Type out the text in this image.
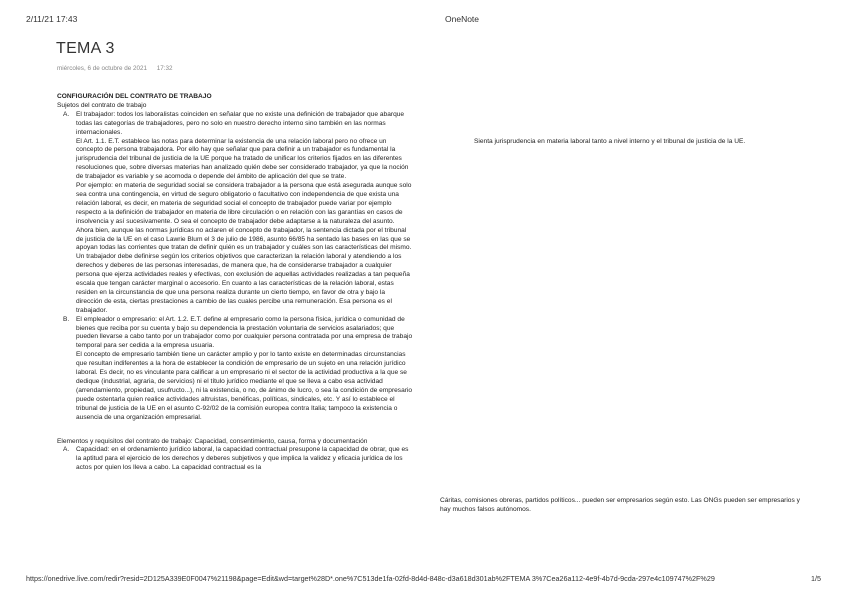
2/11/21 17:43	OneNote
TEMA 3
miércoles, 6 de octubre de 2021 17:32
CONFIGURACIÓN DEL CONTRATO DE TRABAJO
Sujetos del contrato de trabajo
A. El trabajador: todos los laboralistas coinciden en señalar que no existe una definición de trabajador que abarque todas las categorías de trabajadores, pero no solo en nuestro derecho interno sino también en las normas internacionales.
El Art. 1.1. E.T. establece las notas para determinar la existencia de una relación laboral pero no ofrece un concepto de persona trabajadora. Por ello hay que señalar que para definir a un trabajador es fundamental la jurisprudencia del tribunal de justicia de la UE porque ha tratado de unificar los criterios fijados en las diferentes resoluciones que, sobre diversas materias han analizado quién debe ser considerado trabajador, ya que la noción de trabajador es variable y se acomoda o depende del ámbito de aplicación del que se trate.
Por ejemplo: en materia de seguridad social se considera trabajador a la persona que está asegurada aunque solo sea contra una contingencia, en virtud de seguro obligatorio o facultativo con independencia de que exista una relación laboral, es decir, en materia de seguridad social el concepto de trabajador puede variar por ejemplo respecto a la definición de trabajador en materia de libre circulación o en relación con las garantías en casos de insolvencia y así sucesivamente. O sea el concepto de trabajador debe adaptarse a la naturaleza del asunto.
Ahora bien, aunque las normas jurídicas no aclaren el concepto de trabajador, la sentencia dictada por el tribunal de justicia de la UE en el caso Lawrie Blum el 3 de julio de 1986, asunto 66/85 ha sentado las bases en las que se apoyan todas las corrientes que tratan de definir quién es un trabajador y cuáles son las características del mismo.
Un trabajador debe definirse según los criterios objetivos que caracterizan la relación laboral y atendiendo a los derechos y deberes de las personas interesadas, de manera que, ha de considerarse trabajador a cualquier persona que ejerza actividades reales y efectivas, con exclusión de aquellas actividades realizadas a tan pequeña escala que tengan carácter marginal o accesorio. En cuanto a las características de la relación laboral, estas residen en la circunstancia de que una persona realiza durante un cierto tiempo, en favor de otra y bajo la dirección de esta, ciertas prestaciones a cambio de las cuales percibe una remuneración. Esa persona es el trabajador.
B. El empleador o empresario: el Art. 1.2. E.T. define al empresario como la persona física, jurídica o comunidad de bienes que reciba por su cuenta y bajo su dependencia la prestación voluntaria de servicios asalariados; que pueden llevarse a cabo tanto por un trabajador como por cualquier persona contratada por una empresa de trabajo temporal para ser cedida a la empresa usuaria.
El concepto de empresario también tiene un carácter amplio y por lo tanto existe en determinadas circunstancias que resultan indiferentes a la hora de establecer la condición de empresario de un sujeto en una relación jurídico laboral. Es decir, no es vinculante para calificar a un empresario ni el sector de la actividad productiva a la que se dedique (industrial, agraria, de servicios) ni el título jurídico mediante el que se lleva a cabo esa actividad (arrendamiento, propiedad, usufructo...), ni la existencia, o no, de ánimo de lucro, o sea la condición de empresario puede ostentarla quien realice actividades altruistas, benéficas, políticas, sindicales, etc. Y así lo establece el tribunal de justicia de la UE en el asunto C-92/02 de la comisión europea contra Italia; tampoco la existencia o ausencia de una organización empresarial.
Elementos y requisitos del contrato de trabajo: Capacidad, consentimiento, causa, forma y documentación
A. Capacidad: en el ordenamiento jurídico laboral, la capacidad contractual presupone la capacidad de obrar, que es la aptitud para el ejercicio de los derechos y deberes subjetivos y que implica la validez y eficacia jurídica de los actos por quien los lleva a cabo. La capacidad contractual es la
Sienta jurisprudencia en materia laboral tanto a nivel interno y el tribunal de justicia de la UE.
Cáritas, comisiones obreras, partidos políticos... pueden ser empresarios según esto. Las ONGs pueden ser empresarios y hay muchos falsos autónomos.
https://onedrive.live.com/redir?resid=2D125A339E0F0047%21198&page=Edit&wd=target%28D*.one%7C513de1fa-02fd-8d4d-848c-d3a618d301ab%2FTEMA 3%7Cea26a112-4e9f-4b7d-9cda-297e4c109747%2F%29	1/5
